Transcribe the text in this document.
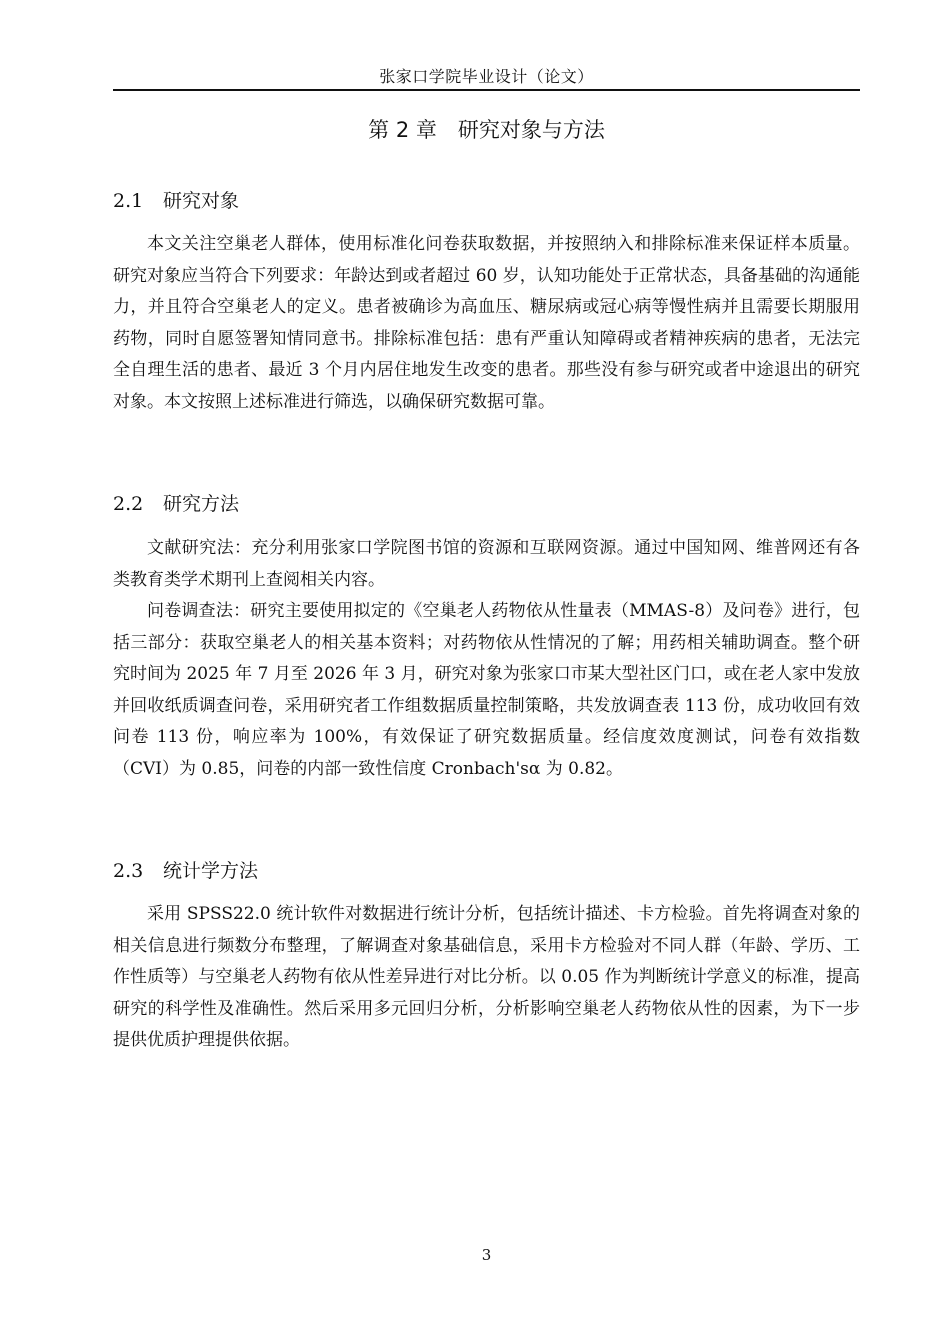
张家口学院毕业设计（论文）
第 2 章　研究对象与方法
2.1 研究对象

本文关注空巢老人群体，使用标准化问卷获取数据，并按照纳入和排除标准来保证样本质量。研究对象应当符合下列要求：年龄达到或者超过 60 岁，认知功能处于正常状态，具备基础的沟通能力，并且符合空巢老人的定义。患者被确诊为高血压、糖尿病或冠心病等慢性病并且需要长期服用药物，同时自愿签署知情同意书。排除标准包括：患有严重认知障碍或者精神疾病的患者，无法完全自理生活的患者、最近 3 个月内居住地发生改变的患者。那些没有参与研究或者中途退出的研究对象。本文按照上述标准进行筛选，以确保研究数据可靠。

2.2 研究方法

文献研究法：充分利用张家口学院图书馆的资源和互联网资源。通过中国知网、维普网还有各类教育类学术期刊上查阅相关内容。

问卷调查法：研究主要使用拟定的《空巢老人药物依从性量表（MMAS-8）及问卷》进行，包括三部分：获取空巢老人的相关基本资料；对药物依从性情况的了解；用药相关辅助调查。整个研究时间为 2025 年 7 月至 2026 年 3 月，研究对象为张家口市某大型社区门口，或在老人家中发放并回收纸质调查问卷，采用研究者工作组数据质量控制策略，共发放调查表 113 份，成功收回有效问卷 113 份，响应率为 100%，有效保证了研究数据质量。经信度效度测试，问卷有效指数（CVI）为 0.85，问卷的内部一致性信度 Cronbach'sα 为 0.82。

2.3 统计学方法

采用 SPSS22.0 统计软件对数据进行统计分析，包括统计描述、卡方检验。首先将调查对象的相关信息进行频数分布整理，了解调查对象基础信息，采用卡方检验对不同人群（年龄、学历、工作性质等）与空巢老人药物有依从性差异进行对比分析。以 0.05 作为判断统计学意义的标准，提高研究的科学性及准确性。然后采用多元回归分析，分析影响空巢老人药物依从性的因素，为下一步提供优质护理提供依据。

3
